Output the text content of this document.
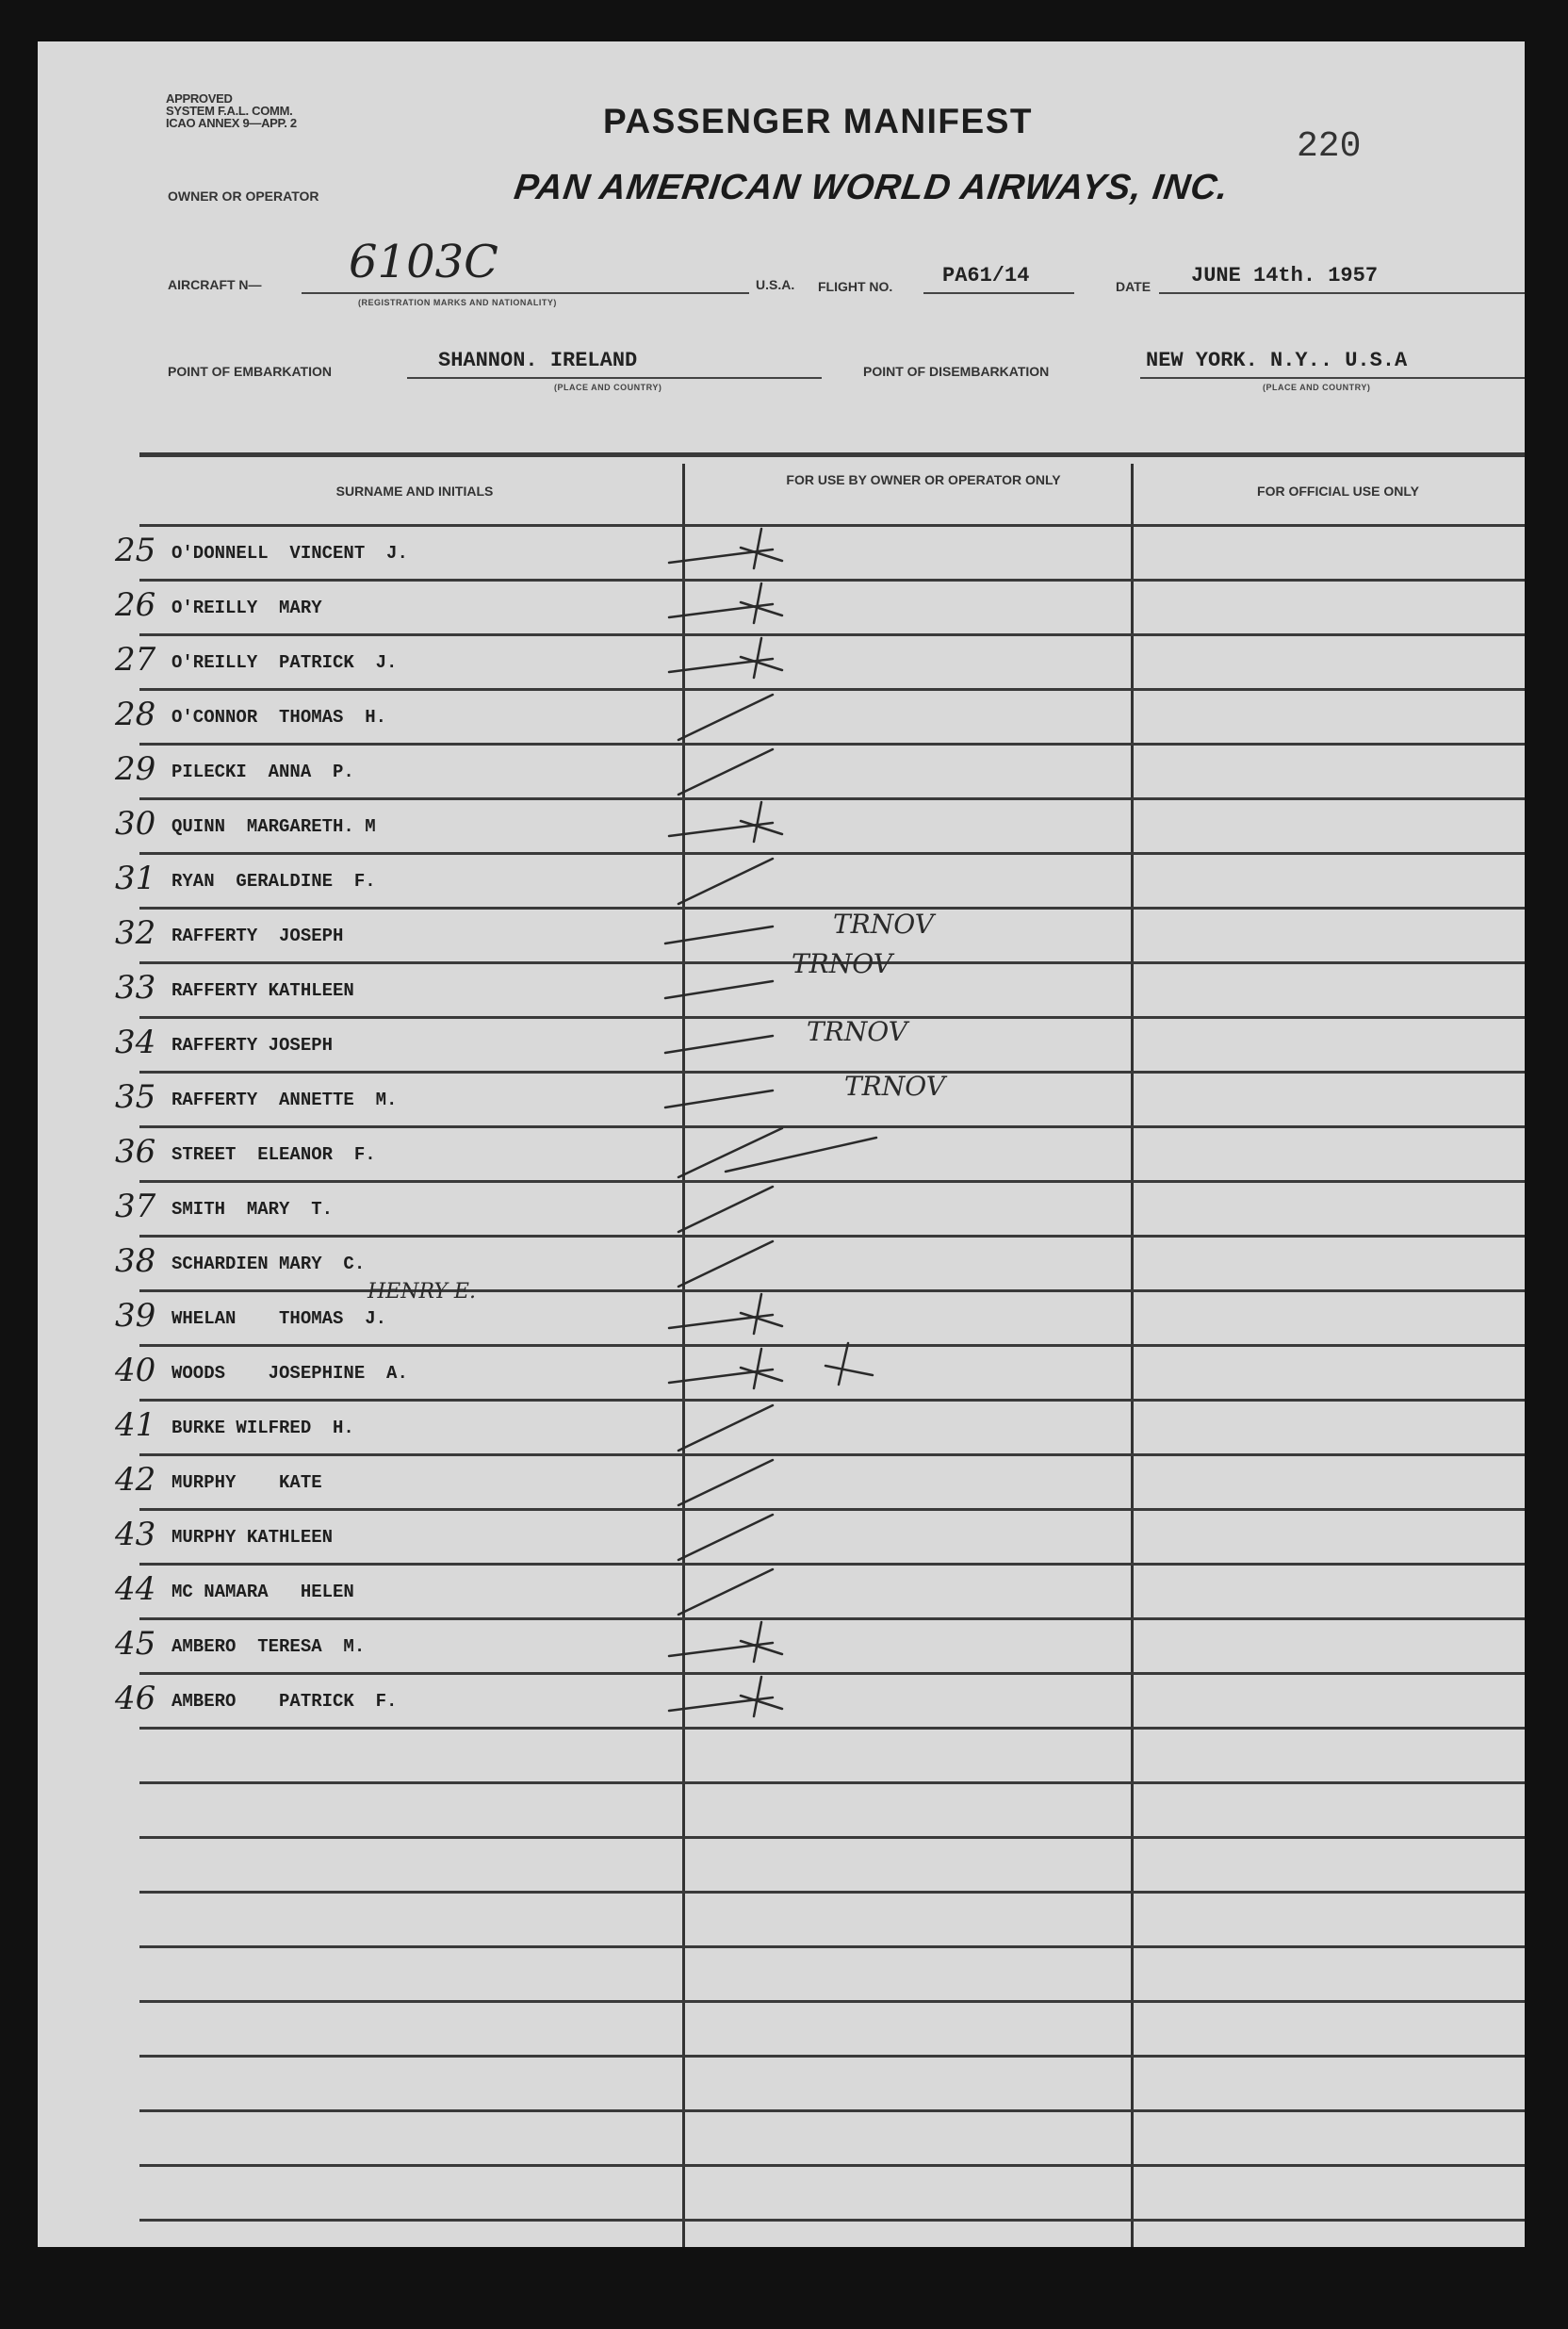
APPROVED
SYSTEM F.A.L. COMM.
ICAO ANNEX 9—APP. 2	PASSENGER MANIFEST
220
OWNER OR OPERATOR	PAN AMERICAN WORLD AIRWAYS, INC.
AIRCRAFT N— 6103C
(REGISTRATION MARKS AND NATIONALITY)
U.S.A. FLIGHT NO. PA61/14	DATE JUNE 14th. 1957
POINT OF EMBARKATION	SHANNON. IRELAND
(PLACE AND COUNTRY)
POINT OF DISEMBARKATION	NEW YORK. N.Y.. U.S.A
(PLACE AND COUNTRY)
SURNAME AND INITIALS
FOR USE BY OWNER OR OPERATOR ONLY
FOR OFFICIAL USE ONLY
25 O'DONNELL  VINCENT  J.
26 O'REILLY  MARY
27 O'REILLY  PATRICK  J.
28 O'CONNOR  THOMAS  H.
29 PILECKI  ANNA  P.
30 QUINN  MARGARETH. M
31 RYAN  GERALDINE  F.
32 RAFFERTY  JOSEPH
33 RAFFERTY KATHLEEN
34 RAFFERTY JOSEPH
35 RAFFERTY  ANNETTE  M.
36 STREET  ELEANOR  F.
37 SMITH  MARY  T.
38 SCHARDIEN MARY  C.
39 WHELAN    THOMAS  J.
40 WOODS    JOSEPHINE  A.
41 BURKE WILFRED  H.
42 MURPHY    KATE
43 MURPHY KATHLEEN
44 MC NAMARA   HELEN
45 AMBERO  TERESA  M.
46 AMBERO    PATRICK  F.
TRNOV
TRNOV
TRNOV
TRNOV
HENRY E.
